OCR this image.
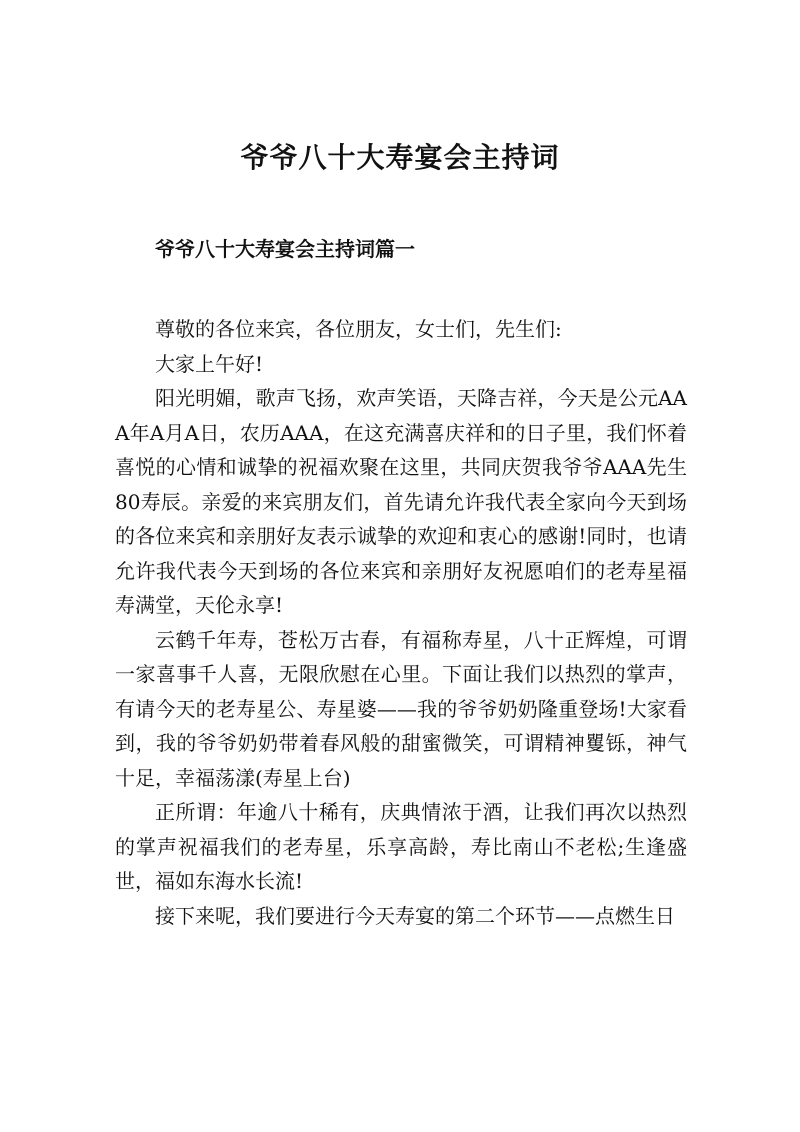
爷爷八十大寿宴会主持词
爷爷八十大寿宴会主持词篇一

尊敬的各位来宾，各位朋友，女士们，先生们:

大家上午好!

阳光明媚，歌声飞扬，欢声笑语，天降吉祥，今天是公元AAA年A月A日，农历AAA，在这充满喜庆祥和的日子里，我们怀着喜悦的心情和诚挚的祝福欢聚在这里，共同庆贺我爷爷AAA先生80寿辰。亲爱的来宾朋友们，首先请允许我代表全家向今天到场的各位来宾和亲朋好友表示诚挚的欢迎和衷心的感谢!同时，也请允许我代表今天到场的各位来宾和亲朋好友祝愿咱们的老寿星福寿满堂，天伦永享!

云鹤千年寿，苍松万古春，有福称寿星，八十正辉煌，可谓一家喜事千人喜，无限欣慰在心里。下面让我们以热烈的掌声，有请今天的老寿星公、寿星婆——我的爷爷奶奶隆重登场!大家看到，我的爷爷奶奶带着春风般的甜蜜微笑，可谓精神矍铄，神气十足，幸福荡漾(寿星上台)

正所谓：年逾八十稀有，庆典情浓于酒，让我们再次以热烈的掌声祝福我们的老寿星，乐享高龄，寿比南山不老松;生逢盛世，福如东海水长流!

接下来呢，我们要进行今天寿宴的第二个环节——点燃生日
